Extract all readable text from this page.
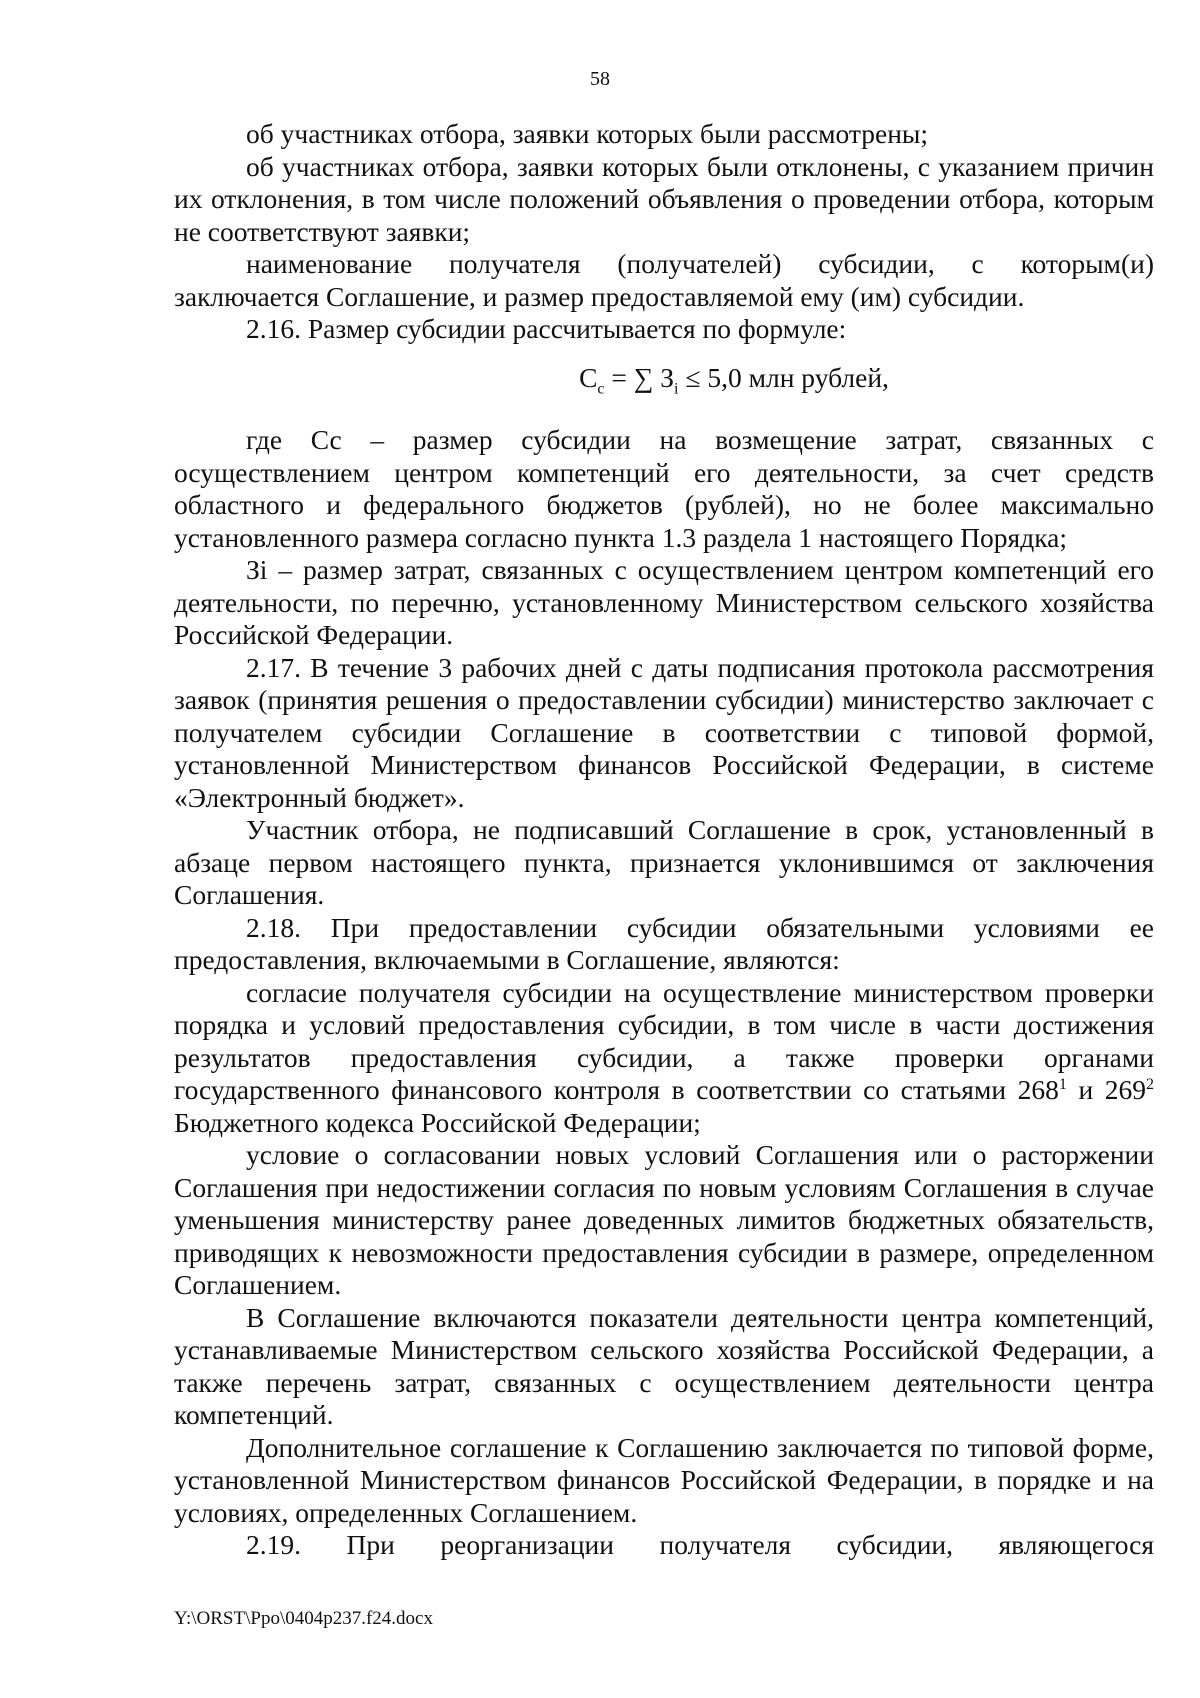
58

об участниках отбора, заявки которых были рассмотрены;

об участниках отбора, заявки которых были отклонены, с указанием причин их отклонения, в том числе положений объявления о проведении отбора, которым не соответствуют заявки;

наименование получателя (получателей) субсидии, с которым(и) заключается Соглашение, и размер предоставляемой ему (им) субсидии.

2.16. Размер субсидии рассчитывается по формуле:

$С_с$ = ∑ $З_i \le 5,0$ млн рублей,

где Сс – размер субсидии на возмещение затрат, связанных с осуществлением центром компетенций его деятельности, за счет средств областного и федерального бюджетов (рублей), но не более максимально установленного размера согласно пункта 1.3 раздела 1 настоящего Порядка;

Зi – размер затрат, связанных с осуществлением центром компетенций его деятельности, по перечню, установленному Министерством сельского хозяйства Российской Федерации.

2.17. В течение 3 рабочих дней с даты подписания протокола рассмотрения заявок (принятия решения о предоставлении субсидии) министерство заключает с получателем субсидии Соглашение в соответствии с типовой формой, установленной Министерством финансов Российской Федерации, в системе «Электронный бюджет».

Участник отбора, не подписавший Соглашение в срок, установленный в абзаце первом настоящего пункта, признается уклонившимся от заключения Соглашения.

2.18. При предоставлении субсидии обязательными условиями ее предоставления, включаемыми в Соглашение, являются:

согласие получателя субсидии на осуществление министерством проверки порядка и условий предоставления субсидии, в том числе в части достижения результатов предоставления субсидии, а также проверки органами государственного финансового контроля в соответствии со статьями $268^1$ и $269^2$ Бюджетного кодекса Российской Федерации;

условие о согласовании новых условий Соглашения или о расторжении Соглашения при недостижении согласия по новым условиям Соглашения в случае уменьшения министерству ранее доведенных лимитов бюджетных обязательств, приводящих к невозможности предоставления субсидии в размере, определенном Соглашением.

В Соглашение включаются показатели деятельности центра компетенций, устанавливаемые Министерством сельского хозяйства Российской Федерации, а также перечень затрат, связанных с осуществлением деятельности центра компетенций.

Дополнительное соглашение к Соглашению заключается по типовой форме, установленной Министерством финансов Российской Федерации, в порядке и на условиях, определенных Соглашением.

2.19. При реорганизации получателя субсидии, являющегося

Y:\ORST\Ppo\0404p237.f24.docx
